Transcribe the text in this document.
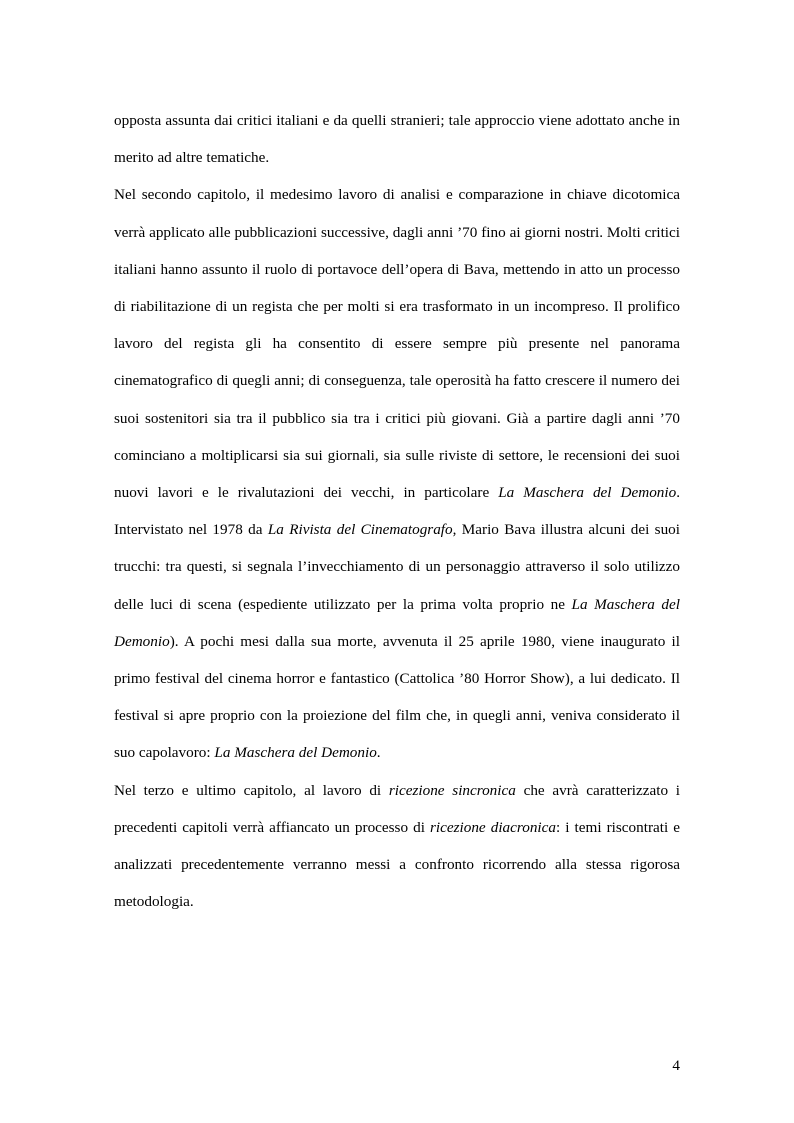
opposta assunta dai critici italiani e da quelli stranieri; tale approccio viene adottato anche in merito ad altre tematiche.

Nel secondo capitolo, il medesimo lavoro di analisi e comparazione in chiave dicotomica verrà applicato alle pubblicazioni successive, dagli anni ’70 fino ai giorni nostri. Molti critici italiani hanno assunto il ruolo di portavoce dell’opera di Bava, mettendo in atto un processo di riabilitazione di un regista che per molti si era trasformato in un incompreso. Il prolifico lavoro del regista gli ha consentito di essere sempre più presente nel panorama cinematografico di quegli anni; di conseguenza, tale operosità ha fatto crescere il numero dei suoi sostenitori sia tra il pubblico sia tra i critici più giovani. Già a partire dagli anni ’70 cominciano a moltiplicarsi sia sui giornali, sia sulle riviste di settore, le recensioni dei suoi nuovi lavori e le rivalutazioni dei vecchi, in particolare La Maschera del Demonio. Intervistato nel 1978 da La Rivista del Cinematografo, Mario Bava illustra alcuni dei suoi trucchi: tra questi, si segnala l’invecchiamento di un personaggio attraverso il solo utilizzo delle luci di scena (espediente utilizzato per la prima volta proprio ne La Maschera del Demonio). A pochi mesi dalla sua morte, avvenuta il 25 aprile 1980, viene inaugurato il primo festival del cinema horror e fantastico (Cattolica ’80 Horror Show), a lui dedicato. Il festival si apre proprio con la proiezione del film che, in quegli anni, veniva considerato il suo capolavoro: La Maschera del Demonio.

Nel terzo e ultimo capitolo, al lavoro di ricezione sincronica che avrà caratterizzato i precedenti capitoli verrà affiancato un processo di ricezione diacronica: i temi riscontrati e analizzati precedentemente verranno messi a confronto ricorrendo alla stessa rigorosa metodologia.

4
